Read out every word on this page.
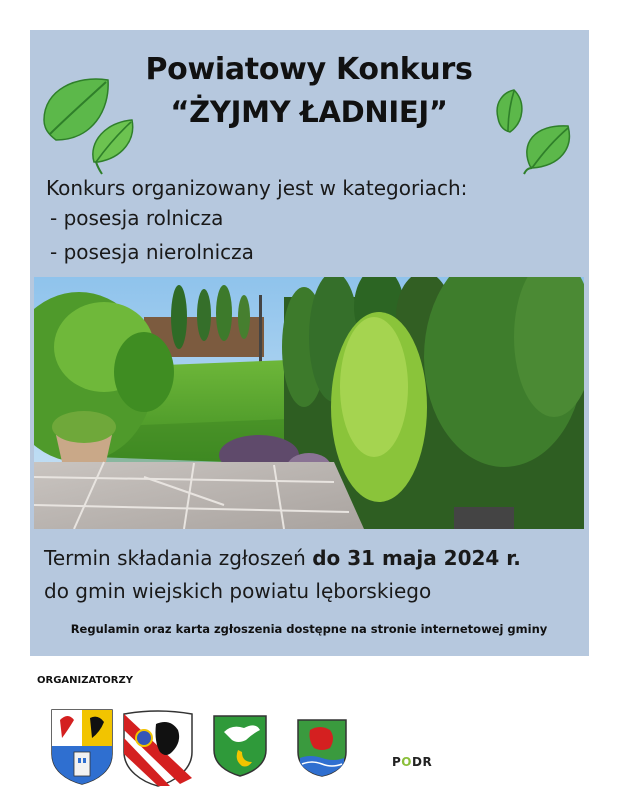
Powiatowy Konkurs
“ŻYJMY ŁADNIEJ”
Konkurs organizowany jest w kategoriach:
- posesja rolnicza
- posesja nierolnicza
Termin składania zgłoszeń do 31 maja 2024 r.
do gmin wiejskich powiatu lęborskiego
Regulamin oraz karta zgłoszenia dostępne na stronie internetowej gminy
ORGANIZATORZY
PODR
